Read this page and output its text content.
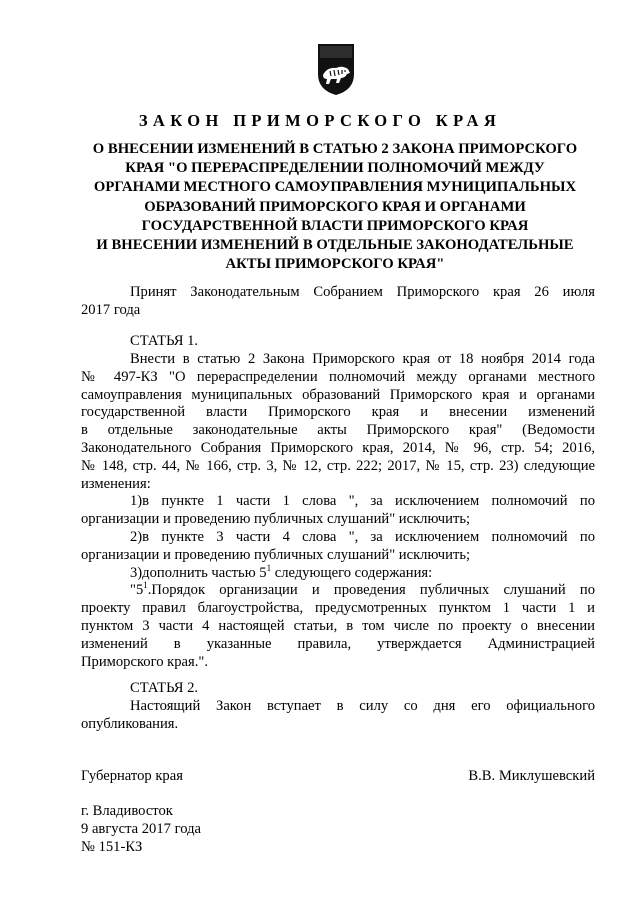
ЗАКОН ПРИМОРСКОГО КРАЯ
О ВНЕСЕНИИ ИЗМЕНЕНИЙ В СТАТЬЮ 2 ЗАКОНА ПРИМОРСКОГО
КРАЯ "О ПЕРЕРАСПРЕДЕЛЕНИИ ПОЛНОМОЧИЙ МЕЖДУ
ОРГАНАМИ МЕСТНОГО САМОУПРАВЛЕНИЯ МУНИЦИПАЛЬНЫХ
ОБРАЗОВАНИЙ ПРИМОРСКОГО КРАЯ И ОРГАНАМИ
ГОСУДАРСТВЕННОЙ ВЛАСТИ ПРИМОРСКОГО КРАЯ
И ВНЕСЕНИИ ИЗМЕНЕНИЙ В ОТДЕЛЬНЫЕ ЗАКОНОДАТЕЛЬНЫЕ
АКТЫ ПРИМОРСКОГО КРАЯ"
Принят Законодательным Собранием Приморского края 26 июля
2017 года
СТАТЬЯ 1.
Внести в статью 2 Закона Приморского края от 18 ноября 2014 года
№ 497-КЗ "О перераспределении полномочий между органами местного
самоуправления муниципальных образований Приморского края и органами
государственной власти Приморского края и внесении изменений
в отдельные законодательные акты Приморского края" (Ведомости
Законодательного Собрания Приморского края, 2014, № 96, стр. 54; 2016,
№ 148, стр. 44, № 166, стр. 3, № 12, стр. 222; 2017, № 15, стр. 23) следующие
изменения:
1)в пункте 1 части 1 слова ", за исключением полномочий по
организации и проведению публичных слушаний" исключить;
2)в пункте 3 части 4 слова ", за исключением полномочий по
организации и проведению публичных слушаний" исключить;
3)дополнить частью $5^1$ следующего содержания:
"$5^1.Порядок$ организации и проведения публичных слушаний по
проекту правил благоустройства, предусмотренных пунктом 1 части 1 и
пунктом 3 части 4 настоящей статьи, в том числе по проекту о внесении
изменений в указанные правила, утверждается Администрацией
Приморского края.".
СТАТЬЯ 2.
Настоящий Закон вступает в силу со дня его официального
опубликования.
Губернатор края	В.В. Миклушевский
г. Владивосток
9 августа 2017 года
№ 151-КЗ
